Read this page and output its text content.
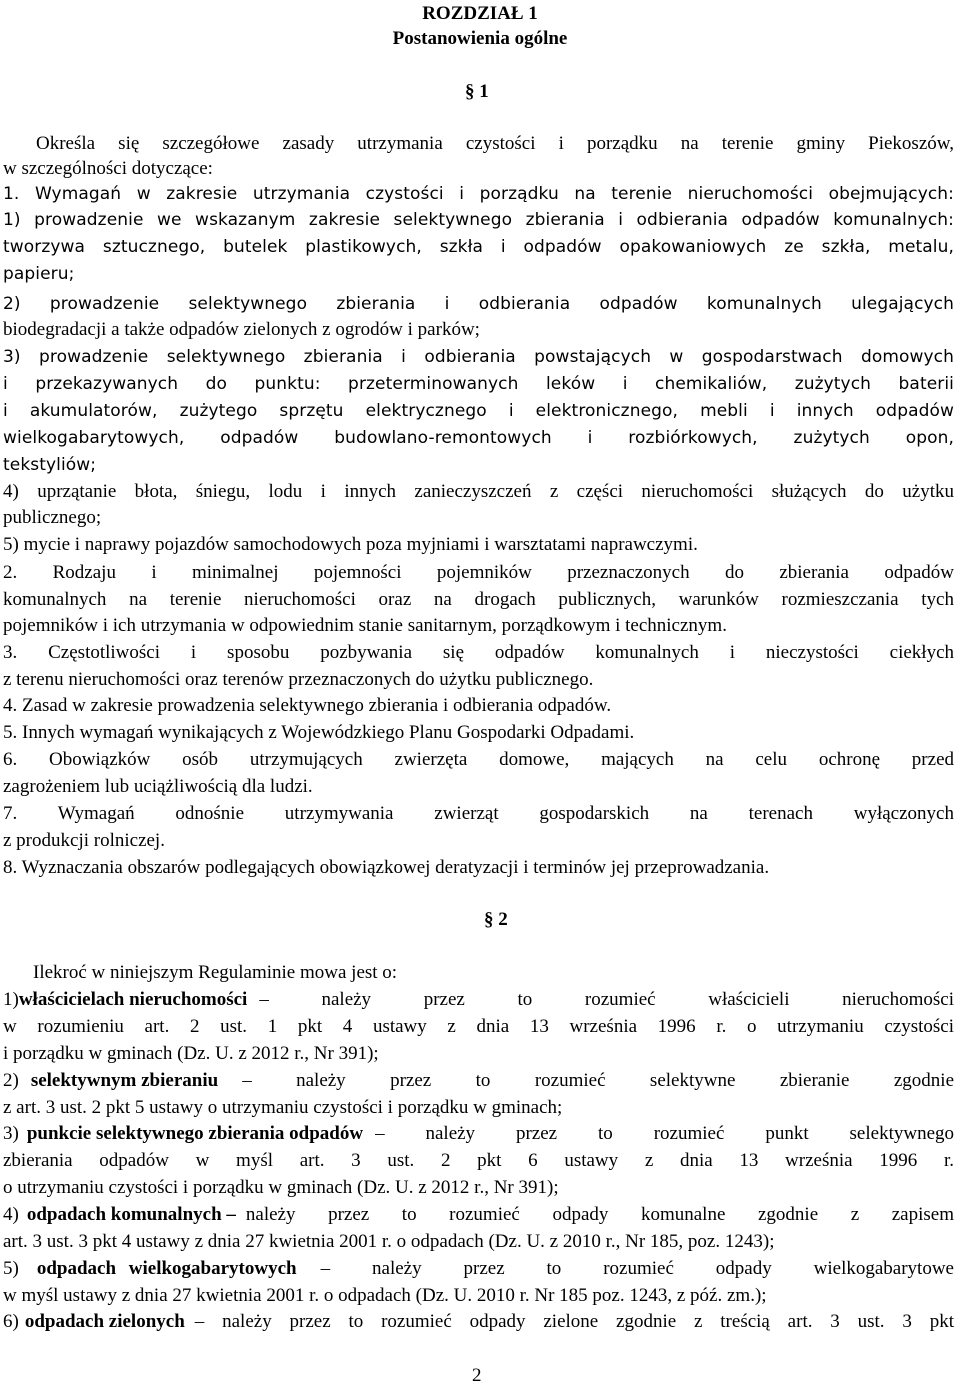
ROZDZIAŁ 1
Postanowienia ogólne
§ 1
Określa się szczegółowe zasady utrzymania czystości i porządku na terenie gminy Piekoszów,
w szczególności dotyczące:
1. Wymagań w zakresie utrzymania czystości i porządku na terenie nieruchomości obejmujących:
1) prowadzenie we wskazanym zakresie selektywnego zbierania i odbierania odpadów komunalnych:
tworzywa sztucznego, butelek plastikowych, szkła i odpadów opakowaniowych ze szkła, metalu,
papieru;
2) prowadzenie selektywnego zbierania i odbierania odpadów komunalnych ulegających
biodegradacji a także odpadów zielonych z ogrodów i parków;
3) prowadzenie selektywnego zbierania i odbierania powstających w gospodarstwach domowych
i przekazywanych do punktu: przeterminowanych leków i chemikaliów, zużytych baterii
i akumulatorów, zużytego sprzętu elektrycznego i elektronicznego, mebli i innych odpadów
wielkogabarytowych, odpadów budowlano-remontowych i rozbiórkowych, zużytych opon,
tekstyliów;
4) uprzątanie błota, śniegu, lodu i innych zanieczyszczeń z części nieruchomości służących do użytku
publicznego;
5) mycie i naprawy pojazdów samochodowych poza myjniami i warsztatami naprawczymi.
2. Rodzaju i minimalnej pojemności pojemników przeznaczonych do zbierania odpadów
komunalnych na terenie nieruchomości oraz na drogach publicznych, warunków rozmieszczania tych
pojemników i ich utrzymania w odpowiednim stanie sanitarnym, porządkowym i technicznym.
3. Częstotliwości i sposobu pozbywania się odpadów komunalnych i nieczystości ciekłych
z terenu nieruchomości oraz terenów przeznaczonych do użytku publicznego.
4. Zasad w zakresie prowadzenia selektywnego zbierania i odbierania odpadów.
5. Innych wymagań wynikających z Wojewódzkiego Planu Gospodarki Odpadami.
6. Obowiązków osób utrzymujących zwierzęta domowe, mających na celu ochronę przed
zagrożeniem lub uciążliwością dla ludzi.
7. Wymagań odnośnie utrzymywania zwierząt gospodarskich na terenach wyłączonych
z produkcji rolniczej.
8. Wyznaczania obszarów podlegających obowiązkowej deratyzacji i terminów jej przeprowadzania.
§ 2
Ilekroć w niniejszym Regulaminie mowa jest o:
1) właścicielach nieruchomości – należy przez to rozumieć właścicieli nieruchomości
w rozumieniu art. 2 ust. 1 pkt 4 ustawy z dnia 13 września 1996 r. o utrzymaniu czystości
i porządku w gminach (Dz. U. z 2012 r., Nr 391);
2) selektywnym zbieraniu – należy przez to rozumieć selektywne zbieranie zgodnie
z art. 3 ust. 2 pkt 5 ustawy o utrzymaniu czystości i porządku w gminach;
3) punkcie selektywnego zbierania odpadów – należy przez to rozumieć punkt selektywnego
zbierania odpadów w myśl art. 3 ust. 2 pkt 6 ustawy z dnia 13 września 1996 r.
o utrzymaniu czystości i porządku w gminach (Dz. U. z 2012 r., Nr 391);
4) odpadach komunalnych – należy przez to rozumieć odpady komunalne zgodnie z zapisem
art. 3 ust. 3 pkt 4 ustawy z dnia 27 kwietnia 2001 r. o odpadach (Dz. U. z 2010 r., Nr 185, poz. 1243);
5) odpadach wielkogabarytowych – należy przez to rozumieć odpady wielkogabarytowe
w myśl ustawy z dnia 27 kwietnia 2001 r. o odpadach (Dz. U. 2010 r. Nr 185 poz. 1243, z póź. zm.);
6) odpadach zielonych – należy przez to rozumieć odpady zielone zgodnie z treścią art. 3 ust. 3 pkt
2
